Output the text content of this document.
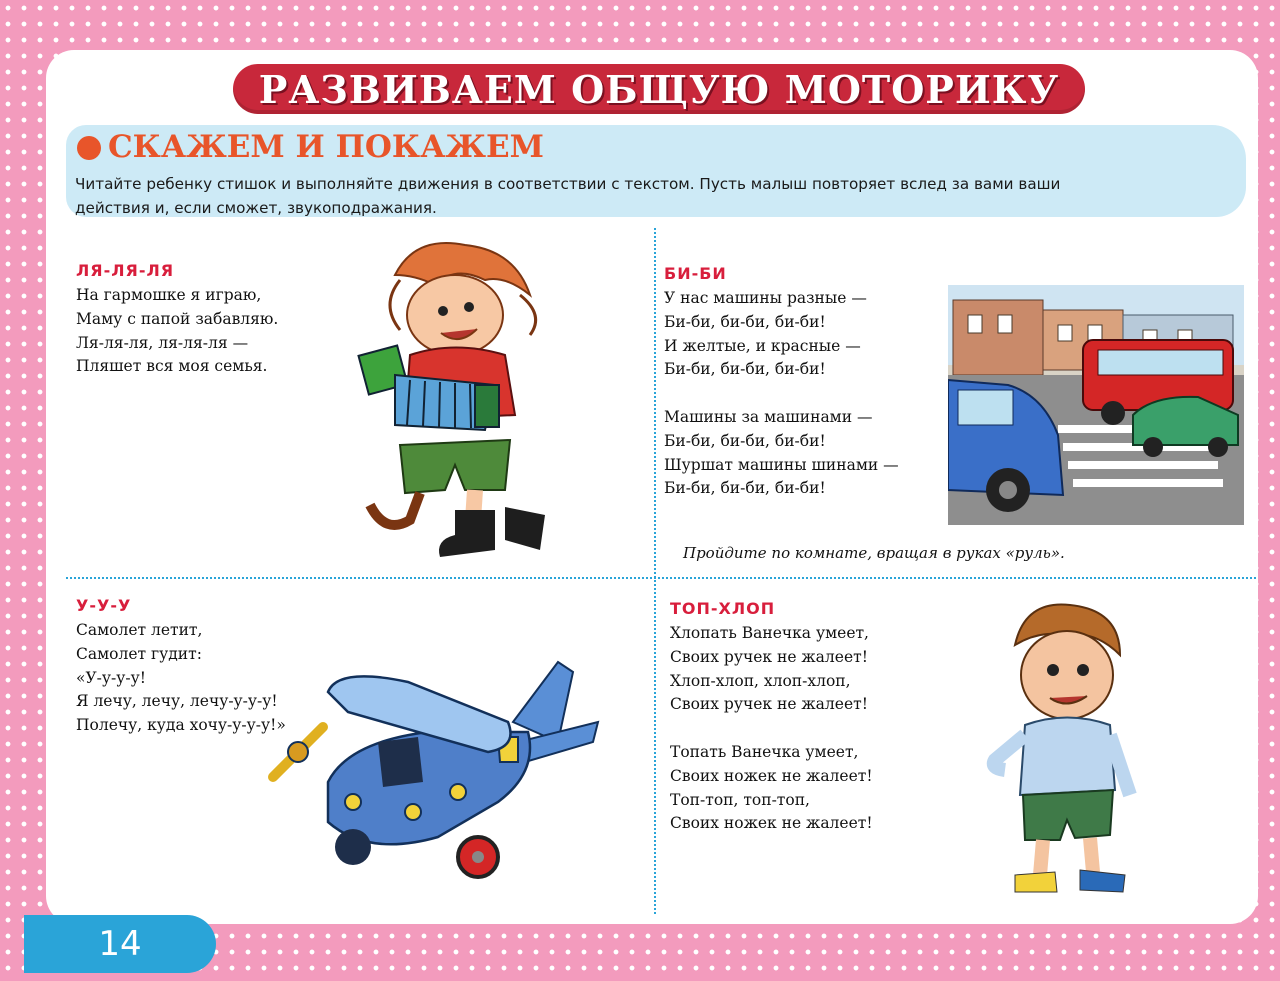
РАЗВИВАЕМ ОБЩУЮ МОТОРИКУ
СКАЖЕМ И ПОКАЖЕМ
Читайте ребенку стишок и выполняйте движения в соответствии с текстом. Пусть малыш повторяет вслед за вами ваши
действия и, если сможет, звукоподражания.
ЛЯ-ЛЯ-ЛЯ
На гармошке я играю,
Маму с папой забавляю.
Ля-ля-ля, ля-ля-ля —
Пляшет вся моя семья.
БИ-БИ
У нас машины разные —
Би-би, би-би, би-би!
И желтые, и красные —
Би-би, би-би, би-би!
Машины за машинами —
Би-би, би-би, би-би!
Шуршат машины шинами —
Би-би, би-би, би-би!
Пройдите по комнате, вращая в руках «руль».
У-У-У
Самолет летит,
Самолет гудит:
«У-у-у-у!
Я лечу, лечу, лечу-у-у-у!
Полечу, куда хочу-у-у-у!»
ТОП-ХЛОП
Хлопать Ванечка умеет,
Своих ручек не жалеет!
Хлоп-хлоп, хлоп-хлоп,
Своих ручек не жалеет!
Топать Ванечка умеет,
Своих ножек не жалеет!
Топ-топ, топ-топ,
Своих ножек не жалеет!
14
